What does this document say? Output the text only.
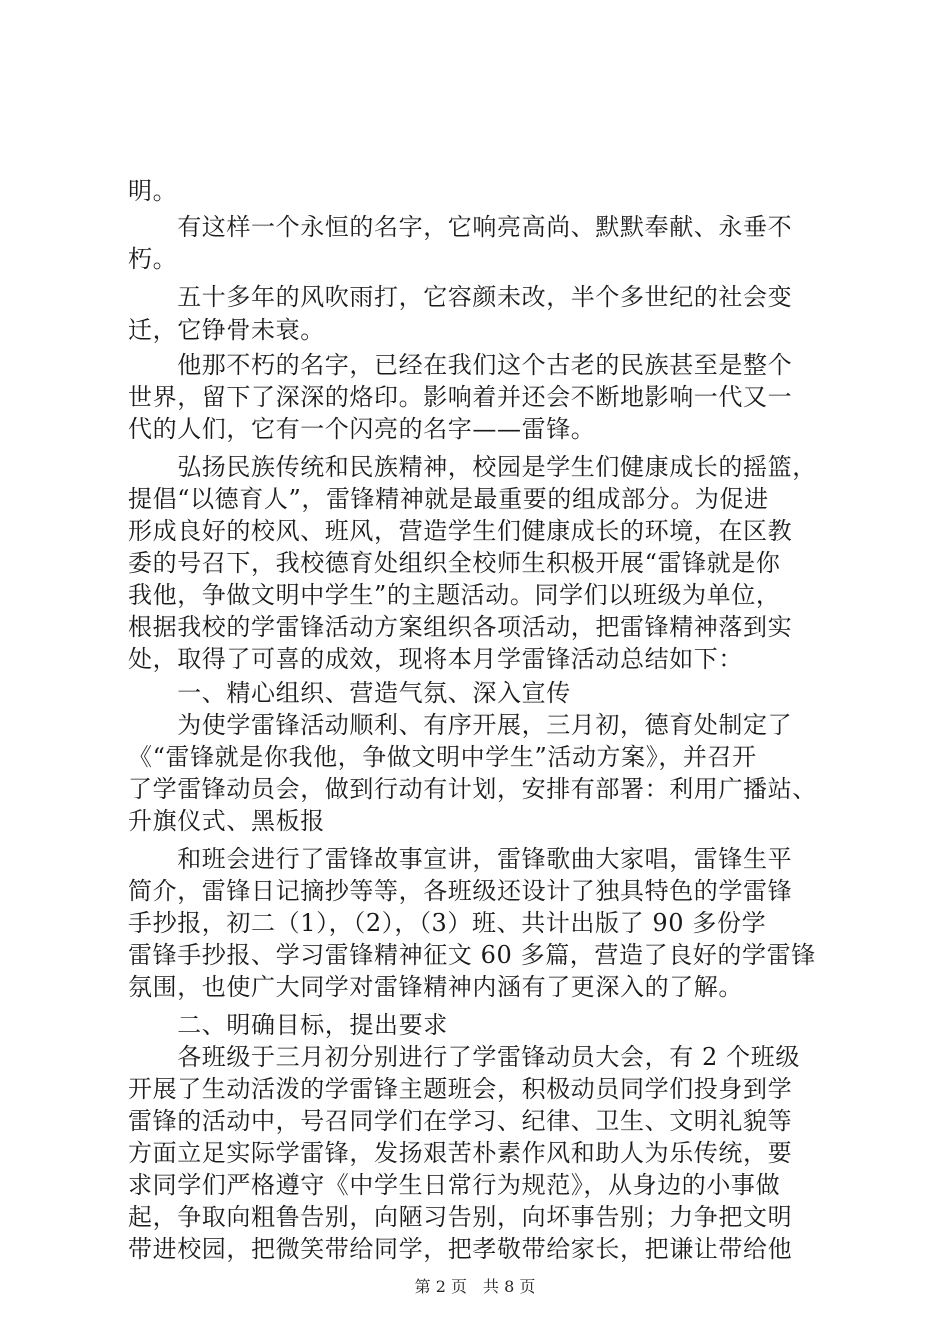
明。
　　有这样一个永恒的名字，它响亮高尚、默默奉献、永垂不
朽。
　　五十多年的风吹雨打，它容颜未改，半个多世纪的社会变
迁，它铮骨未衰。
　　他那不朽的名字，已经在我们这个古老的民族甚至是整个
世界，留下了深深的烙印。影响着并还会不断地影响一代又一
代的人们，它有一个闪亮的名字——雷锋。
　　弘扬民族传统和民族精神，校园是学生们健康成长的摇篮，
提倡“以德育人”，雷锋精神就是最重要的组成部分。为促进
形成良好的校风、班风，营造学生们健康成长的环境，在区教
委的号召下，我校德育处组织全校师生积极开展“雷锋就是你
我他，争做文明中学生”的主题活动。同学们以班级为单位，
根据我校的学雷锋活动方案组织各项活动，把雷锋精神落到实
处，取得了可喜的成效，现将本月学雷锋活动总结如下：
　　一、精心组织、营造气氛、深入宣传
　　为使学雷锋活动顺利、有序开展，三月初，德育处制定了
《“雷锋就是你我他，争做文明中学生”活动方案》，并召开
了学雷锋动员会，做到行动有计划，安排有部署：利用广播站、
升旗仪式、黑板报
　　和班会进行了雷锋故事宣讲，雷锋歌曲大家唱，雷锋生平
简介，雷锋日记摘抄等等，各班级还设计了独具特色的学雷锋
手抄报，初二（1），（2），（3）班、共计出版了 90 多份学
雷锋手抄报、学习雷锋精神征文 60 多篇，营造了良好的学雷锋
氛围，也使广大同学对雷锋精神内涵有了更深入的了解。
　　二、明确目标，提出要求
　　各班级于三月初分别进行了学雷锋动员大会，有 2 个班级
开展了生动活泼的学雷锋主题班会，积极动员同学们投身到学
雷锋的活动中，号召同学们在学习、纪律、卫生、文明礼貌等
方面立足实际学雷锋，发扬艰苦朴素作风和助人为乐传统，要
求同学们严格遵守《中学生日常行为规范》，从身边的小事做
起，争取向粗鲁告别，向陋习告别，向坏事告别；力争把文明
带进校园，把微笑带给同学，把孝敬带给家长，把谦让带给他
第 2 页　共 8 页
